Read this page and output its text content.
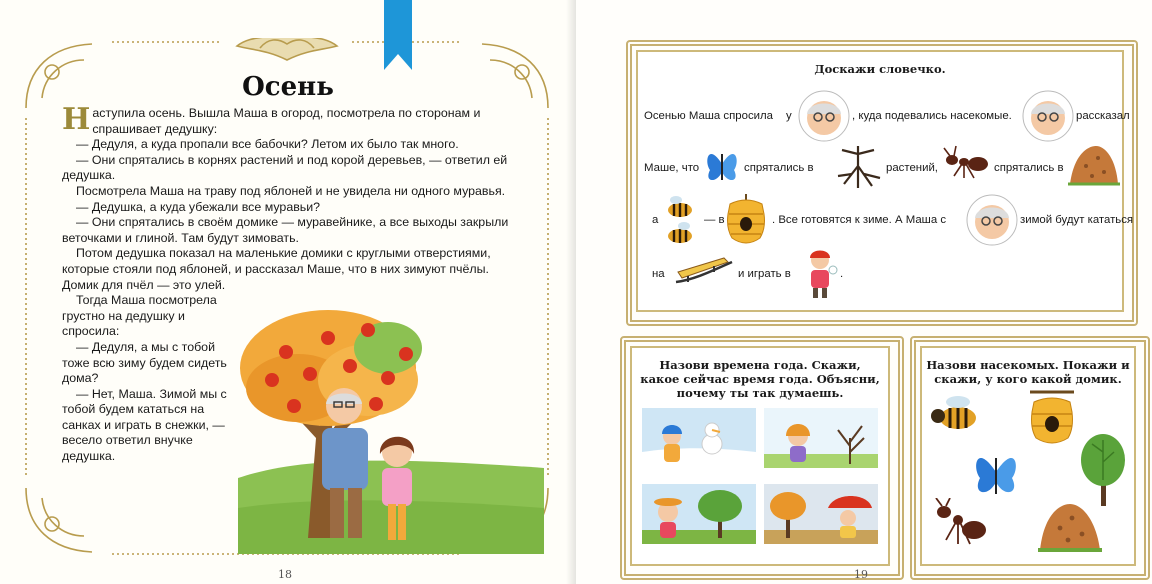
Осень

Наступила осень. Вышла Маша в огород, посмотрела по сторонам и спрашивает дедушку:

— Дедуля, а куда пропали все бабочки? Летом их было так много.

— Они спрятались в корнях растений и под корой деревьев, — ответил ей дедушка.

Посмотрела Маша на траву под яблоней и не увидела ни одного муравья.

— Дедушка, а куда убежали все муравьи?

— Они спрятались в своём домике — муравейнике, а все выходы закрыли веточками и глиной. Там будут зимовать.

Потом дедушка показал на маленькие домики с круглыми отверстиями, которые стояли под яблоней, и рассказал Маше, что в них зимуют пчёлы. Домик для пчёл — это улей.

Тогда Маша посмотрела грустно на дедушку и спросила:

— Дедуля, а мы с тобой тоже всю зиму будем сидеть дома?

— Нет, Маша. Зимой мы с тобой будем кататься на санках и играть в снежки, — весело ответил внучке дедушка.

18
Доскажи словечко.
Осенью Маша спросила у	, куда подевались насекомые.	рассказал
Маше, что	спрятались в	растений,	спрятались в
а	— в	. Все готовятся к зиме. А Маша с	зимой будут кататься
на	и играть в	.
Назови времена года. Скажи, какое сейчас время года. Объясни, почему ты так думаешь.
Назови насекомых. Покажи и скажи, у кого какой домик.
19
